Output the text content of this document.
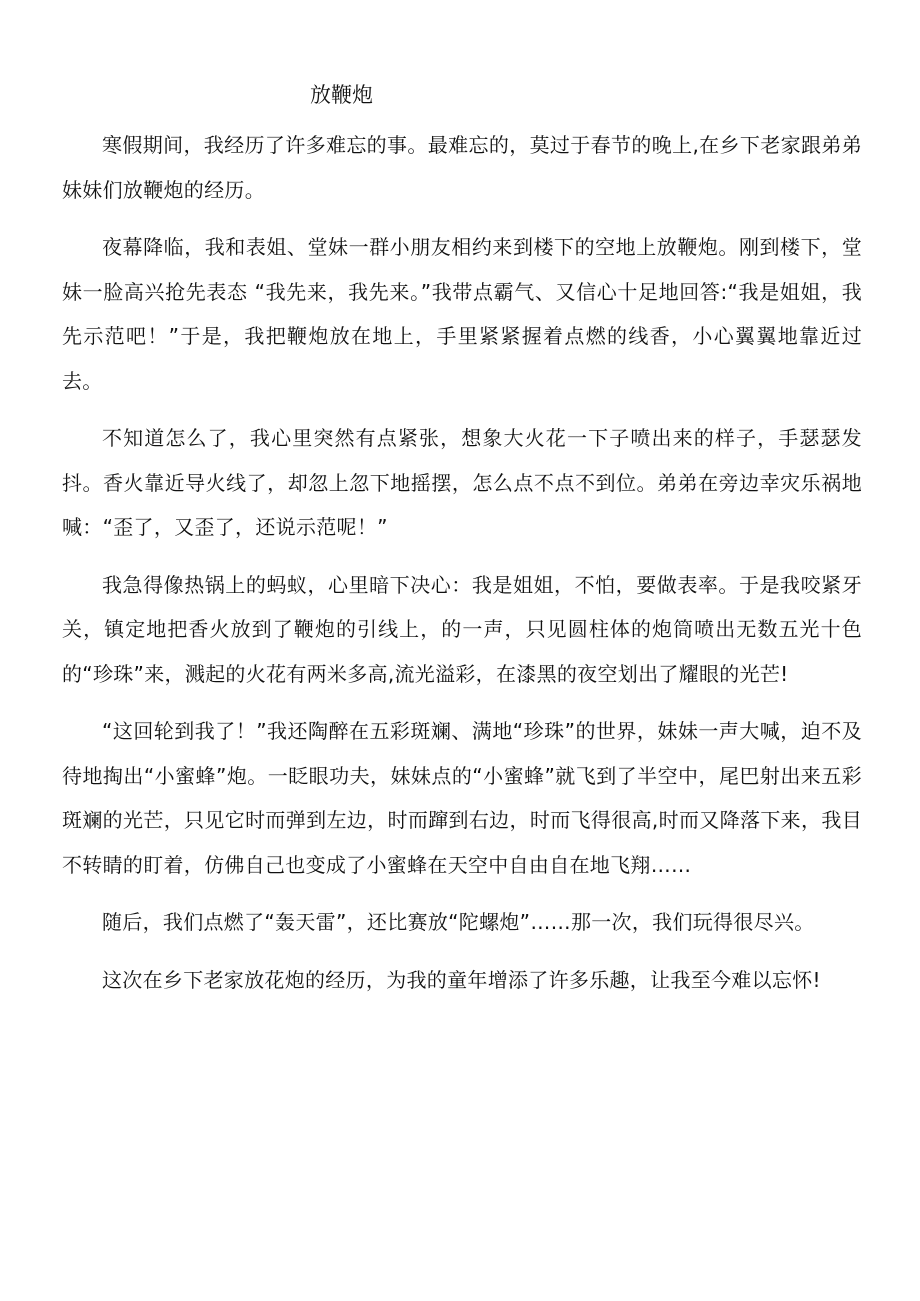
放鞭炮

寒假期间，我经历了许多难忘的事。最难忘的，莫过于春节的晚上,在乡下老家跟弟弟妹妹们放鞭炮的经历。

夜幕降临，我和表姐、堂妹一群小朋友相约来到楼下的空地上放鞭炮。刚到楼下，堂妹一脸高兴抢先表态 “我先来，我先来。”我带点霸气、又信心十足地回答:“我是姐姐，我先示范吧！”于是，我把鞭炮放在地上，手里紧紧握着点燃的线香，小心翼翼地靠近过去。

不知道怎么了，我心里突然有点紧张，想象大火花一下子喷出来的样子，手瑟瑟发抖。香火靠近导火线了，却忽上忽下地摇摆，怎么点不点不到位。弟弟在旁边幸灾乐祸地喊：“歪了，又歪了，还说示范呢！”

我急得像热锅上的蚂蚁，心里暗下决心：我是姐姐，不怕，要做表率。于是我咬紧牙关，镇定地把香火放到了鞭炮的引线上，的一声，只见圆柱体的炮筒喷出无数五光十色的“珍珠”来，溅起的火花有两米多高,流光溢彩，在漆黑的夜空划出了耀眼的光芒!

“这回轮到我了！”我还陶醉在五彩斑斓、满地“珍珠”的世界，妹妹一声大喊，迫不及待地掏出“小蜜蜂”炮。一眨眼功夫，妹妹点的“小蜜蜂”就飞到了半空中，尾巴射出来五彩斑斓的光芒，只见它时而弹到左边，时而蹿到右边，时而飞得很高,时而又降落下来，我目不转睛的盯着，仿佛自己也变成了小蜜蜂在天空中自由自在地飞翔……

随后，我们点燃了“轰天雷”，还比赛放“陀螺炮”……那一次，我们玩得很尽兴。

这次在乡下老家放花炮的经历，为我的童年增添了许多乐趣，让我至今难以忘怀!
